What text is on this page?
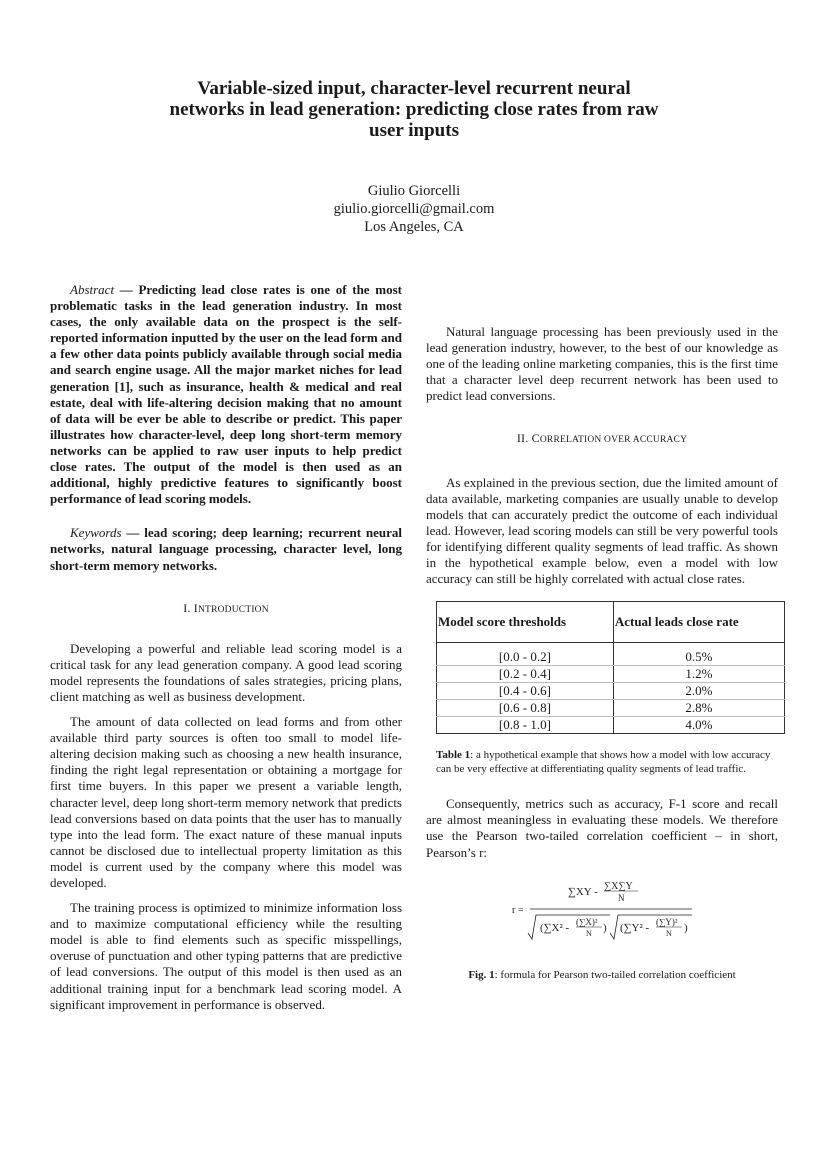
Variable-sized input, character-level recurrent neural
networks in lead generation: predicting close rates from raw
user inputs
Giulio Giorcelli
giulio.giorcelli@gmail.com
Los Angeles, CA

Abstract — Predicting lead close rates is one of the most problematic tasks in the lead generation industry. In most cases, the only available data on the prospect is the self-reported information inputted by the user on the lead form and a few other data points publicly available through social media and search engine usage. All the major market niches for lead generation [1], such as insurance, health & medical and real estate, deal with life-altering decision making that no amount of data will be ever be able to describe or predict. This paper illustrates how character-level, deep long short-term memory networks can be applied to raw user inputs to help predict close rates. The output of the model is then used as an additional, highly predictive features to significantly boost performance of lead scoring models.

Keywords — lead scoring; deep learning; recurrent neural networks, natural language processing, character level, long short-term memory networks.

I. INTRODUCTION

Developing a powerful and reliable lead scoring model is a critical task for any lead generation company. A good lead scoring model represents the foundations of sales strategies, pricing plans, client matching as well as business development.

The amount of data collected on lead forms and from other available third party sources is often too small to model life-altering decision making such as choosing a new health insurance, finding the right legal representation or obtaining a mortgage for first time buyers. In this paper we present a variable length, character level, deep long short-term memory network that predicts lead conversions based on data points that the user has to manually type into the lead form. The exact nature of these manual inputs cannot be disclosed due to intellectual property limitation as this model is current used by the company where this model was developed.

The training process is optimized to minimize information loss and to maximize computational efficiency while the resulting model is able to find elements such as specific misspellings, overuse of punctuation and other typing patterns that are predictive of lead conversions. The output of this model is then used as an additional training input for a benchmark lead scoring model. A significant improvement in performance is observed.

Natural language processing has been previously used in the lead generation industry, however, to the best of our knowledge as one of the leading online marketing companies, this is the first time that a character level deep recurrent network has been used to predict lead conversions.

II. CORRELATION OVER ACCURACY

As explained in the previous section, due the limited amount of data available, marketing companies are usually unable to develop models that can accurately predict the outcome of each individual lead. However, lead scoring models can still be very powerful tools for identifying different quality segments of lead traffic. As shown in the hypothetical example below, even a model with low accuracy can still be highly correlated with actual close rates.

Model score thresholds	Actual leads close rate
[0.0 - 0.2]	0.5%
[0.2 - 0.4]	1.2%
[0.4 - 0.6]	2.0%
[0.6 - 0.8]	2.8%
[0.8 - 1.0]	4.0%

Table 1: a hypothetical example that shows how a model with low accuracy can be very effective at differentiating quality segments of lead traffic.

Consequently, metrics such as accuracy, F-1 score and recall are almost meaningless in evaluating these models. We therefore use the Pearson two-tailed correlation coefficient – in short, Pearson’s r:

r =
∑XY - ∑X∑Y
N
(∑X² - (∑X)²
N ) (∑Y² - (∑Y)²
N )

Fig. 1: formula for Pearson two-tailed correlation coefficient
